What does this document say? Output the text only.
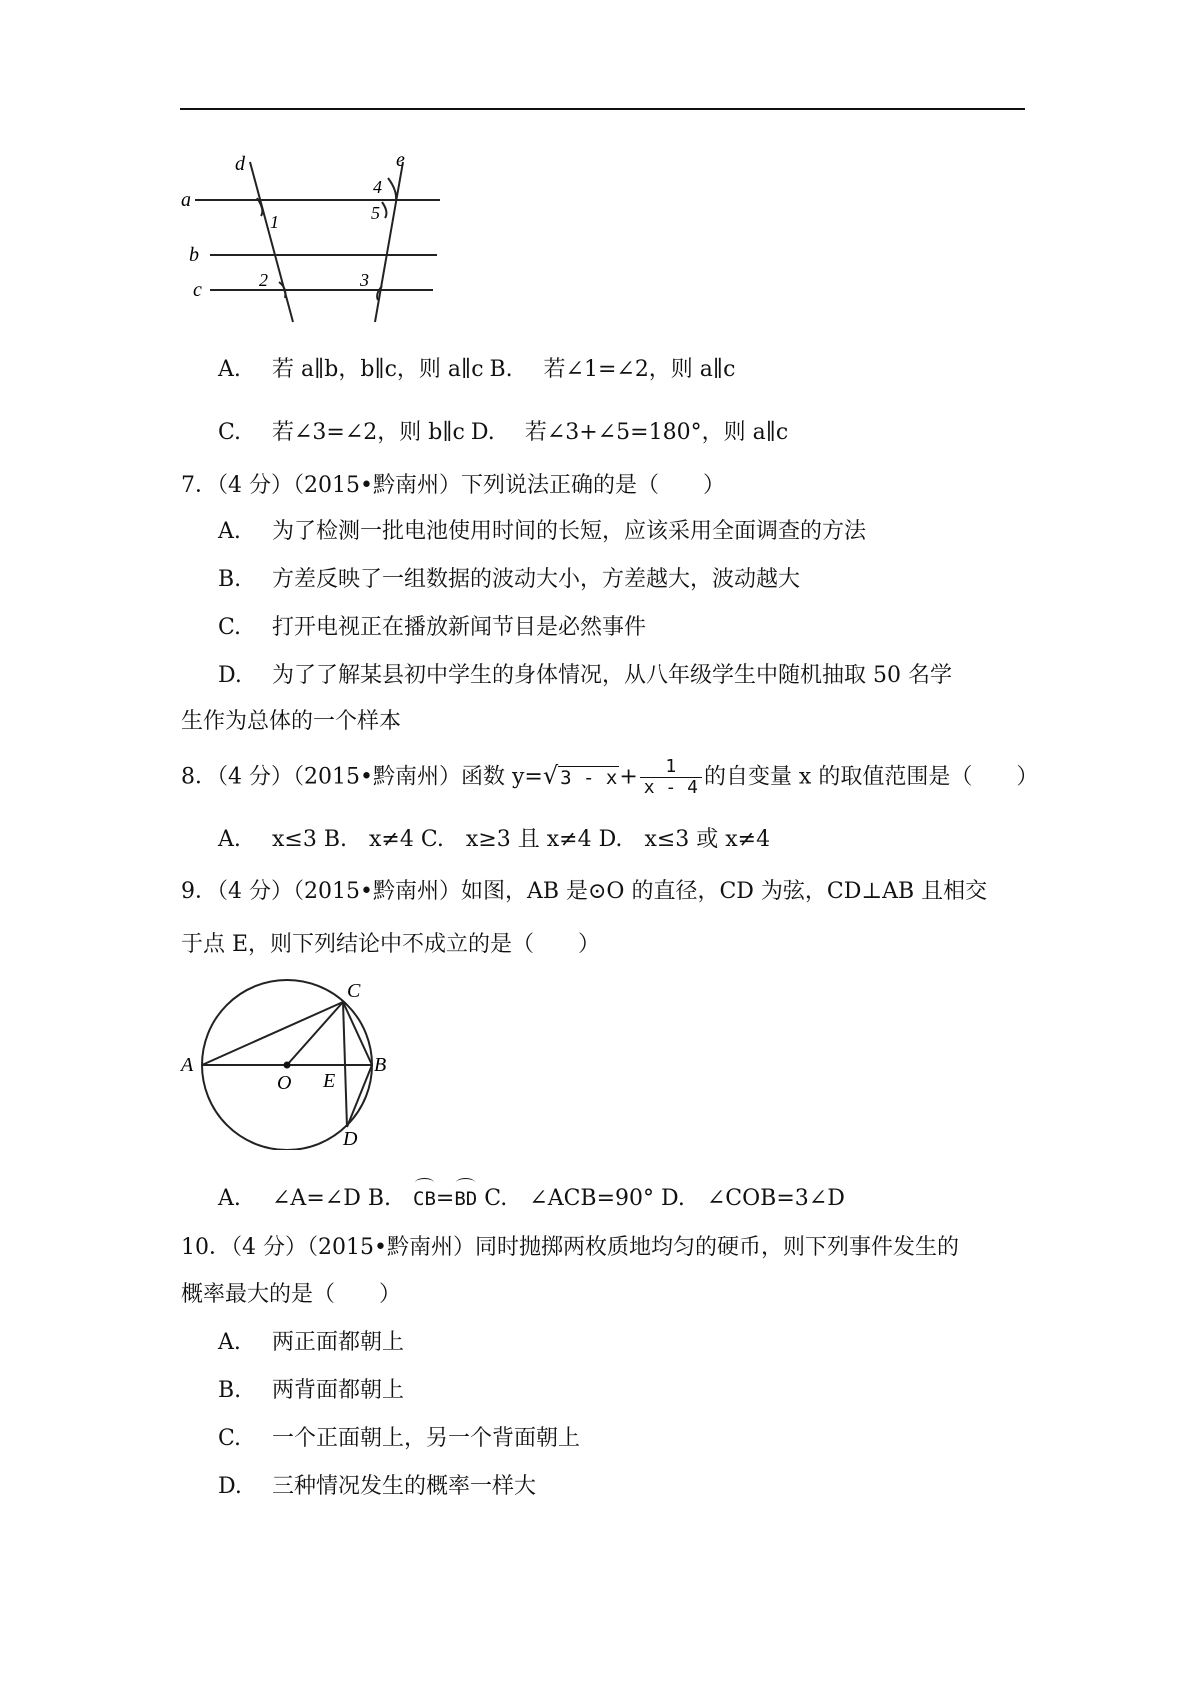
a
b
c
d	e
1
2	3
4
5
A. 若 a∥b，b∥c，则 a∥c B. 若∠1=∠2，则 a∥c
C. 若∠3=∠2，则 b∥c D. 若∠3+∠5=180°，则 a∥c
7．（4 分）（2015•黔南州）下列说法正确的是（　　）
A. 为了检测一批电池使用时间的长短，应该采用全面调查的方法
B. 方差反映了一组数据的波动大小，方差越大，波动越大
C. 打开电视正在播放新闻节目是必然事件
D. 为了了解某县初中学生的身体情况，从八年级学生中随机抽取 50 名学
生作为总体的一个样本
8．（4 分）（2015•黔南州）函数 y=√ $3 - x+ \frac{1}{x - 4}$ 的自变量 x 的取值范围是（　　）
A. x≤3 B. x≠4 C. x≥3 且 x≠4 D. x≤3 或 x≠4
9．（4 分）（2015•黔南州）如图，AB 是⊙O 的直径，CD 为弦，CD⊥AB 且相交
于点 E，则下列结论中不成立的是（　　）
A	B
C
D
E
O
A. ∠A=∠D B. CB=BD C. ∠ACB=90° D. ∠COB=3∠D
10．（4 分）（2015•黔南州）同时抛掷两枚质地均匀的硬币，则下列事件发生的
概率最大的是（　　）
A. 两正面都朝上
B. 两背面都朝上
C. 一个正面朝上，另一个背面朝上
D. 三种情况发生的概率一样大
